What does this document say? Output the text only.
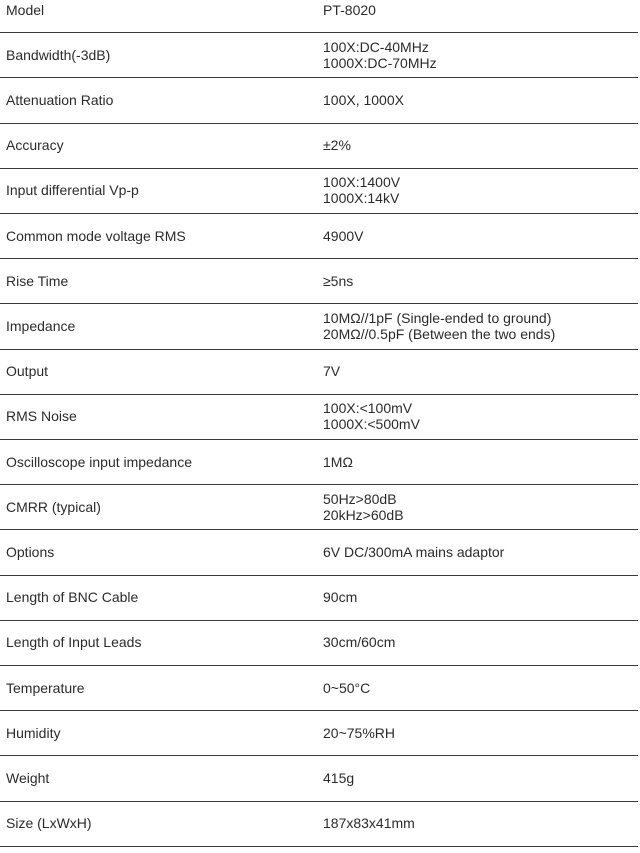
Model	PT-8020
Bandwidth(-3dB)	100X:DC-40MHz
1000X:DC-70MHz
Attenuation Ratio	100X, 1000X
Accuracy	±2%
Input differential Vp-p	100X:1400V
1000X:14kV
Common mode voltage RMS	4900V
Rise Time	≥5ns
Impedance	10MΩ//1pF (Single-ended to ground)
20MΩ//0.5pF (Between the two ends)
Output	7V
RMS Noise	100X:<100mV
1000X:<500mV
Oscilloscope input impedance	1MΩ
CMRR (typical)	50Hz>80dB
20kHz>60dB
Options	6V DC/300mA mains adaptor
Length of BNC Cable	90cm
Length of Input Leads	30cm/60cm
Temperature	0~50°C
Humidity	20~75%RH
Weight	415g
Size (LxWxH)	187x83x41mm
